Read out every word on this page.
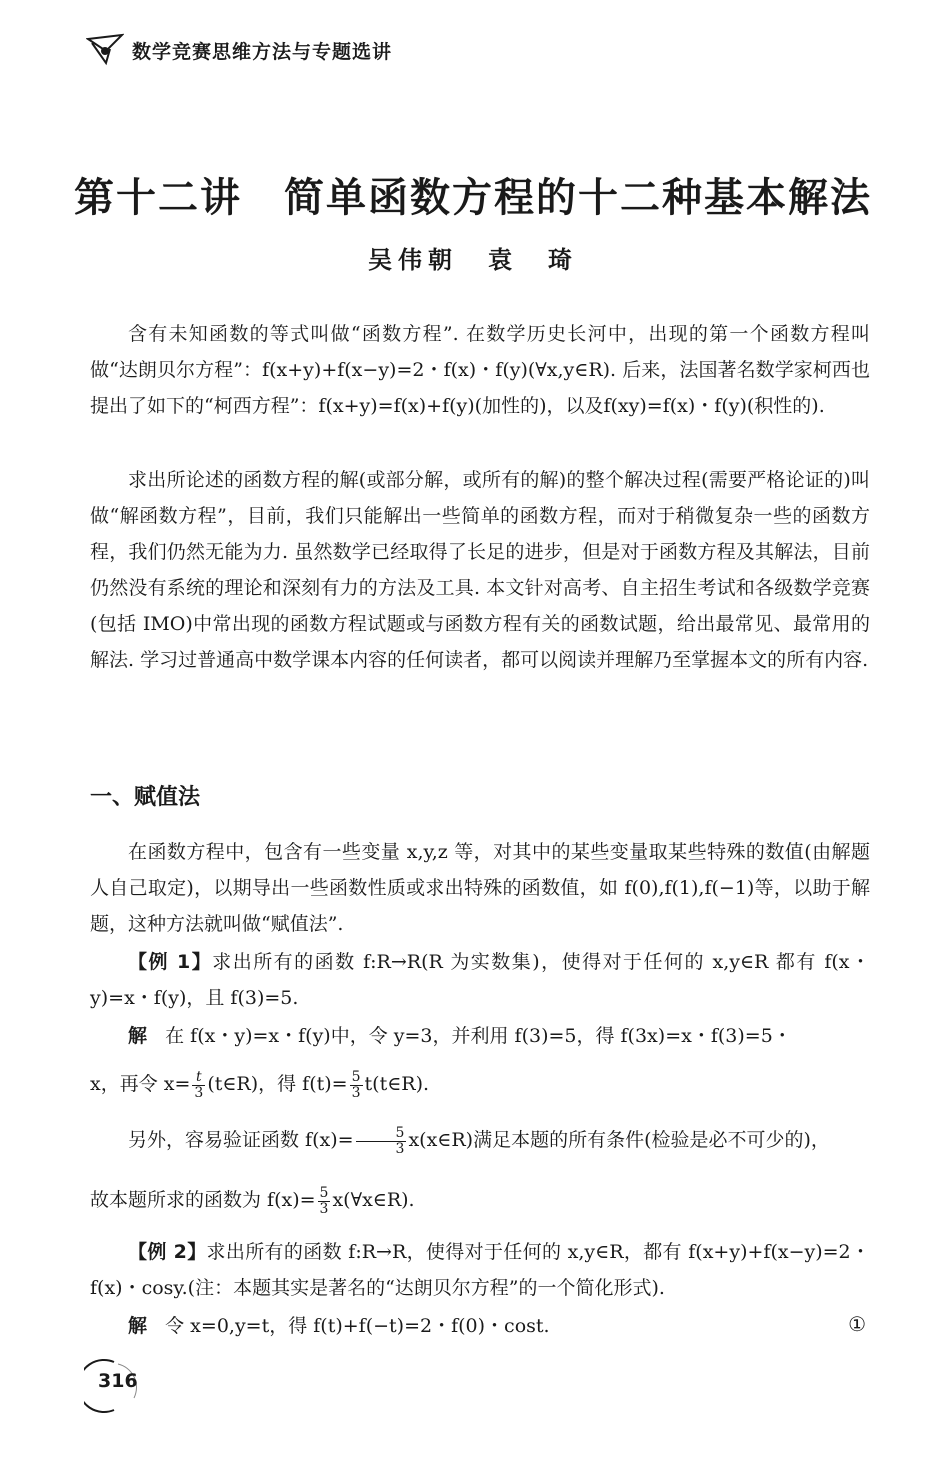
数学竞赛思维方法与专题选讲
第十二讲　简单函数方程的十二种基本解法
吴伟朝　袁　琦

含有未知函数的等式叫做“函数方程”. 在数学历史长河中，出现的第一个函数方程叫做“达朗贝尔方程”：f(x+y)+f(x−y)=2・f(x)・f(y)(∀x,y∈R). 后来，法国著名数学家柯西也提出了如下的“柯西方程”：f(x+y)=f(x)+f(y)(加性的)，以及f(xy)=f(x)・f(y)(积性的).

求出所论述的函数方程的解(或部分解，或所有的解)的整个解决过程(需要严格论证的)叫做“解函数方程”，目前，我们只能解出一些简单的函数方程，而对于稍微复杂一些的函数方程，我们仍然无能为力. 虽然数学已经取得了长足的进步，但是对于函数方程及其解法，目前仍然没有系统的理论和深刻有力的方法及工具. 本文针对高考、自主招生考试和各级数学竞赛(包括 IMO)中常出现的函数方程试题或与函数方程有关的函数试题，给出最常见、最常用的解法. 学习过普通高中数学课本内容的任何读者，都可以阅读并理解乃至掌握本文的所有内容.

一、赋值法

在函数方程中，包含有一些变量 x,y,z 等，对其中的某些变量取某些特殊的数值(由解题人自己取定)，以期导出一些函数性质或求出特殊的函数值，如 f(0),f(1),f(−1)等，以助于解题，这种方法就叫做“赋值法”.

【例 1】求出所有的函数 f:R→R(R 为实数集)，使得对于任何的 x,y∈R 都有 f(x・y)=x・f(y)，且 f(3)=5.

解 在 f(x・y)=x・f(y)中，令 y=3，并利用 f(3)=5，得 f(3x)=x・f(3)=5・

x，再令 $x= \frac{t}{3}$ (t∈R)，得 $f(t)= \frac{5}{3}$ t(t∈R).

另外，容易验证函数 $f(x)= \frac{5}{3}$ x(x∈R)满足本题的所有条件(检验是必不可少的)，

故本题所求的函数为 $f(x)= \frac{5}{3}$ x(∀x∈R).

【例 2】求出所有的函数 f:R→R，使得对于任何的 x,y∈R，都有 f(x+y)+f(x−y)=2・f(x)・cosy.(注：本题其实是著名的“达朗贝尔方程”的一个简化形式).

解 令 x=0,y=t，得 f(t)+f(−t)=2・f(0)・cost.	①
316
